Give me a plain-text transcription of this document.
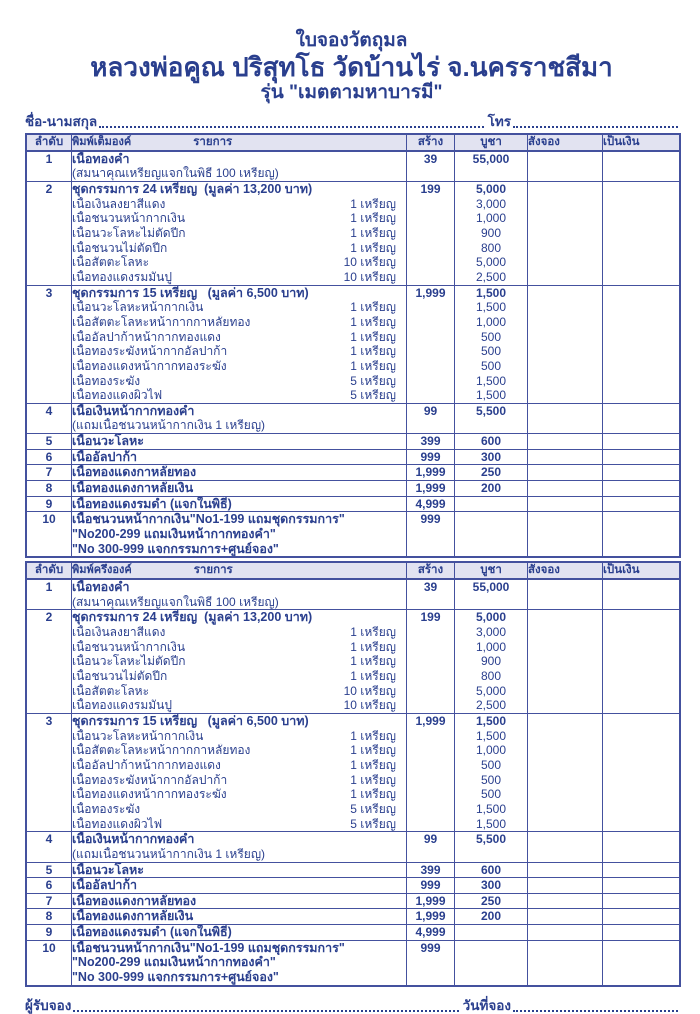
ใบจองวัตถุมล
หลวงพ่อคูณ ปริสุทโธ วัดบ้านไร่ จ.นครราชสีมา
รุ่น "เมตตามหาบารมี"
ชื่อ-นามสกุล	โทร
ลำดับ	พิมพ์เต็มองค์ รายการ	สร้าง	บูชา	สั่งจอง	เป็นเงิน
1	เนื้อทองคำ	39	55,000		
	(สมนาคุณเหรียญแจกในพิธี 100 เหรียญ)				
2	ชุดกรรมการ 24 เหรียญ  (มูลค่า 13,200 บาท)	199	5,000		

	เนื้อเงินลงยาสีแดง 1 เหรียญ		3,000		

	เนื้อชนวนหน้ากากเงิน 1 เหรียญ		1,000		

	เนื้อนวะโลหะไม่ตัดปีก 1 เหรียญ		900		

	เนื้อชนวนไม่ตัดปีก 1 เหรียญ		800		

	เนื้อสัตตะโลหะ 10 เหรียญ		5,000		

	เนื้อทองแดงรมมันปู 10 เหรียญ		2,500		
3	ชุดกรรมการ 15 เหรียญ   (มูลค่า 6,500 บาท)	1,999	1,500		

	เนื้อนวะโลหะหน้ากากเงิน 1 เหรียญ		1,500		

	เนื้อสัตตะโลหะหน้ากากกาหลั่ยทอง 1 เหรียญ		1,000		

	เนื้ออัลปาก้าหน้ากากทองแดง 1 เหรียญ		500		

	เนื้อทองระฆังหน้ากากอัลปาก้า 1 เหรียญ		500		

	เนื้อทองแดงหน้ากากทองระฆัง 1 เหรียญ		500		

	เนื้อทองระฆัง 5 เหรียญ		1,500		

	เนื้อทองแดงผิวไฟ 5 เหรียญ		1,500		
4	เนื้อเงินหน้ากากทองคำ	99	5,500		
	(แถมเนื้อชนวนหน้ากากเงิน 1 เหรียญ)				
5	เนื้อนวะโลหะ	399	600		
6	เนื้ออัลปาก้า	999	300		
7	เนื้อทองแดงกาหลั่ยทอง	1,999	250		
8	เนื้อทองแดงกาหลั่ยเงิน	1,999	200		
9	เนื้อทองแดงรมดำ (แจกในพิธี)	4,999			
10	เนื้อชนวนหน้ากากเงิน"No1-199 แถมชุดกรรมการ"	999			
	"No200-299 แถมเงินหน้ากากทองคำ"				
	"No 300-999 แจกกรรมการ+ศูนย์จอง"				
ลำดับ	พิมพ์ครึ่งองค์ รายการ	สร้าง	บูชา	สั่งจอง	เป็นเงิน
1	เนื้อทองคำ	39	55,000		
	(สมนาคุณเหรียญแจกในพิธี 100 เหรียญ)				
2	ชุดกรรมการ 24 เหรียญ  (มูลค่า 13,200 บาท)	199	5,000		

	เนื้อเงินลงยาสีแดง 1 เหรียญ		3,000		

	เนื้อชนวนหน้ากากเงิน 1 เหรียญ		1,000		

	เนื้อนวะโลหะไม่ตัดปีก 1 เหรียญ		900		

	เนื้อชนวนไม่ตัดปีก 1 เหรียญ		800		

	เนื้อสัตตะโลหะ 10 เหรียญ		5,000		

	เนื้อทองแดงรมมันปู 10 เหรียญ		2,500		
3	ชุดกรรมการ 15 เหรียญ   (มูลค่า 6,500 บาท)	1,999	1,500		

	เนื้อนวะโลหะหน้ากากเงิน 1 เหรียญ		1,500		

	เนื้อสัตตะโลหะหน้ากากกาหลั่ยทอง 1 เหรียญ		1,000		

	เนื้ออัลปาก้าหน้ากากทองแดง 1 เหรียญ		500		

	เนื้อทองระฆังหน้ากากอัลปาก้า 1 เหรียญ		500		

	เนื้อทองแดงหน้ากากทองระฆัง 1 เหรียญ		500		

	เนื้อทองระฆัง 5 เหรียญ		1,500		

	เนื้อทองแดงผิวไฟ 5 เหรียญ		1,500		
4	เนื้อเงินหน้ากากทองคำ	99	5,500		
	(แถมเนื้อชนวนหน้ากากเงิน 1 เหรียญ)				
5	เนื้อนวะโลหะ	399	600		
6	เนื้ออัลปาก้า	999	300		
7	เนื้อทองแดงกาหลั่ยทอง	1,999	250		
8	เนื้อทองแดงกาหลั่ยเงิน	1,999	200		
9	เนื้อทองแดงรมดำ (แจกในพิธี)	4,999			
10	เนื้อชนวนหน้ากากเงิน"No1-199 แถมชุดกรรมการ"	999			
	"No200-299 แถมเงินหน้ากากทองคำ"				
	"No 300-999 แจกกรรมการ+ศูนย์จอง"				
ผู้รับจอง	วันที่จอง
